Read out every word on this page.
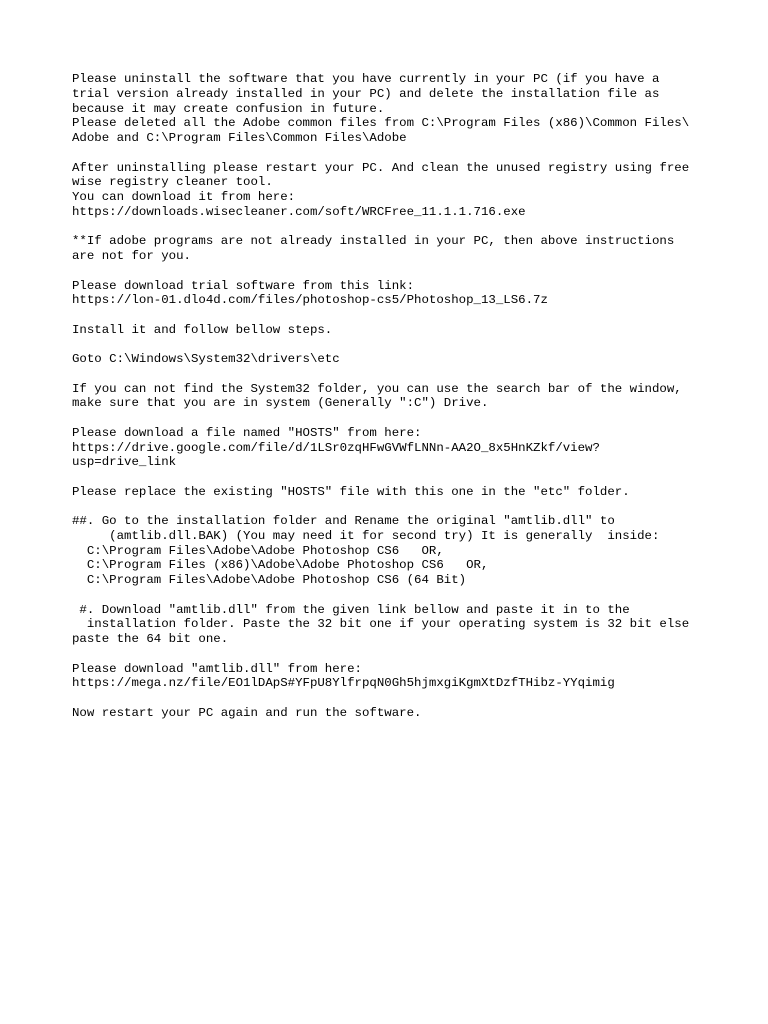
Please uninstall the software that you have currently in your PC (if you have a
trial version already installed in your PC) and delete the installation file as
because it may create confusion in future.
Please deleted all the Adobe common files from C:\Program Files (x86)\Common Files\
Adobe and C:\Program Files\Common Files\Adobe
After uninstalling please restart your PC. And clean the unused registry using free
wise registry cleaner tool.
You can download it from here:
https://downloads.wisecleaner.com/soft/WRCFree_11.1.1.716.exe
**If adobe programs are not already installed in your PC, then above instructions
are not for you.
Please download trial software from this link:
https://lon-01.dlo4d.com/files/photoshop-cs5/Photoshop_13_LS6.7z
Install it and follow bellow steps.
Goto C:\Windows\System32\drivers\etc
If you can not find the System32 folder, you can use the search bar of the window,
make sure that you are in system (Generally ":C") Drive.
Please download a file named "HOSTS" from here:
https://drive.google.com/file/d/1LSr0zqHFwGVWfLNNn-AA2O_8x5HnKZkf/view?
usp=drive_link
Please replace the existing "HOSTS" file with this one in the "etc" folder.
##. Go to the installation folder and Rename the original "amtlib.dll" to
(amtlib.dll.BAK) (You may need it for second try) It is generally  inside:
C:\Program Files\Adobe\Adobe Photoshop CS6   OR,
C:\Program Files (x86)\Adobe\Adobe Photoshop CS6   OR,
C:\Program Files\Adobe\Adobe Photoshop CS6 (64 Bit)
#. Download "amtlib.dll" from the given link bellow and paste it in to the
installation folder. Paste the 32 bit one if your operating system is 32 bit else
paste the 64 bit one.
Please download "amtlib.dll" from here:
https://mega.nz/file/EO1lDApS#YFpU8YlfrpqN0Gh5hjmxgiKgmXtDzfTHibz-YYqimig
Now restart your PC again and run the software.
